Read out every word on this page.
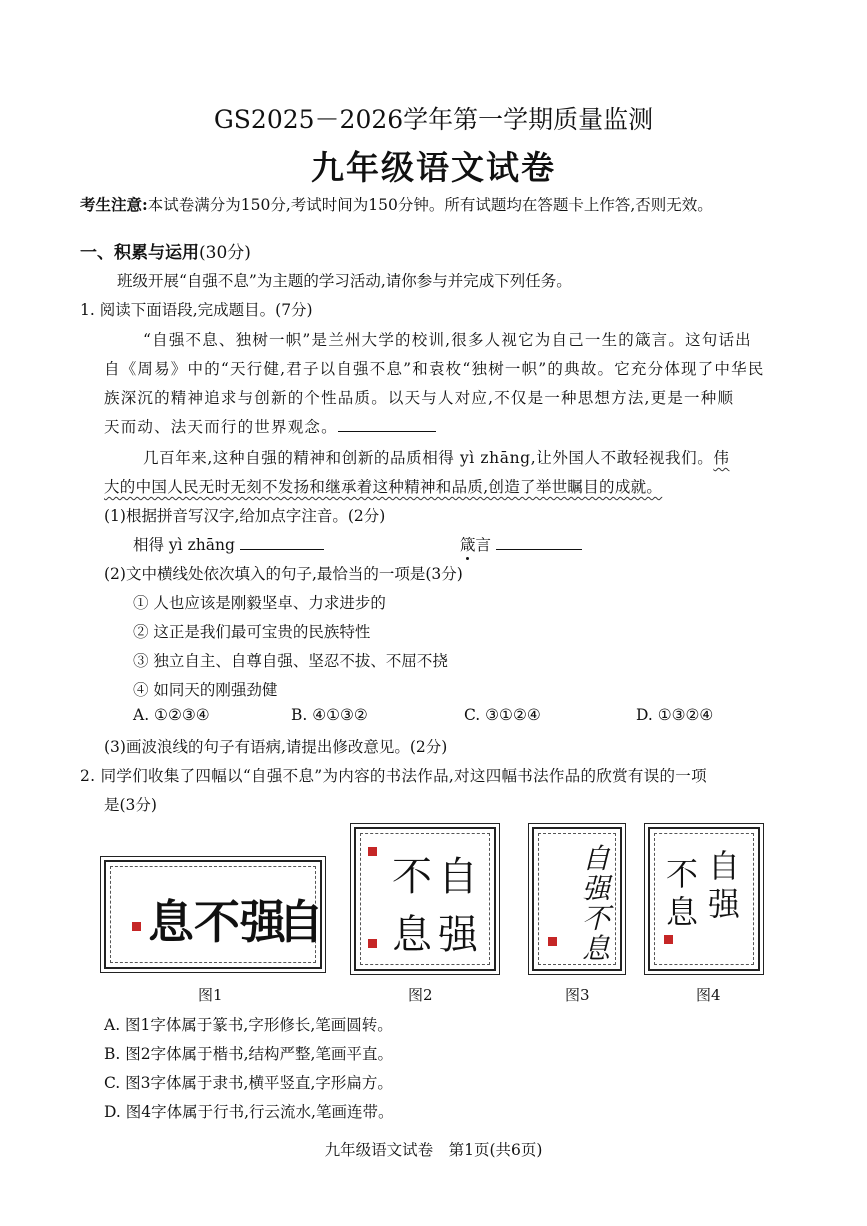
GS2025－2026学年第一学期质量监测
九年级语文试卷
考生注意:本试卷满分为150分,考试时间为150分钟。所有试题均在答题卡上作答,否则无效。
一、积累与运用(30分)
班级开展“自强不息”为主题的学习活动,请你参与并完成下列任务。
1. 阅读下面语段,完成题目。(7分)
“自强不息、独树一帜”是兰州大学的校训,很多人视它为自己一生的箴言。这句话出
自《周易》中的“天行健,君子以自强不息”和袁枚“独树一帜”的典故。它充分体现了中华民
族深沉的精神追求与创新的个性品质。以天与人对应,不仅是一种思想方法,更是一种顺
天而动、法天而行的世界观念。
几百年来,这种自强的精神和创新的品质相得 yì zhāng,让外国人不敢轻视我们。伟
大的中国人民无时无刻不发扬和继承着这种精神和品质,创造了举世瞩目的成就。
(1)根据拼音写汉字,给加点字注音。(2分)
相得 yì zhāng	箴言
(2)文中横线处依次填入的句子,最恰当的一项是(3分)
① 人也应该是刚毅坚卓、力求进步的
② 这正是我们最可宝贵的民族特性
③ 独立自主、自尊自强、坚忍不拔、不屈不挠
④ 如同天的刚强劲健
A. ①②③④	B. ④①③②	C. ③①②④	D. ①③②④
(3)画波浪线的句子有语病,请提出修改意见。(2分)
2. 同学们收集了四幅以“自强不息”为内容的书法作品,对这四幅书法作品的欣赏有误的一项
是(3分)
息 不 强
自
图1
自
不
强
息
图2
自
强
不
息
图3
自
不
强
息
图4
A. 图1字体属于篆书,字形修长,笔画圆转。
B. 图2字体属于楷书,结构严整,笔画平直。
C. 图3字体属于隶书,横平竖直,字形扁方。
D. 图4字体属于行书,行云流水,笔画连带。
九年级语文试卷　第1页(共6页)
